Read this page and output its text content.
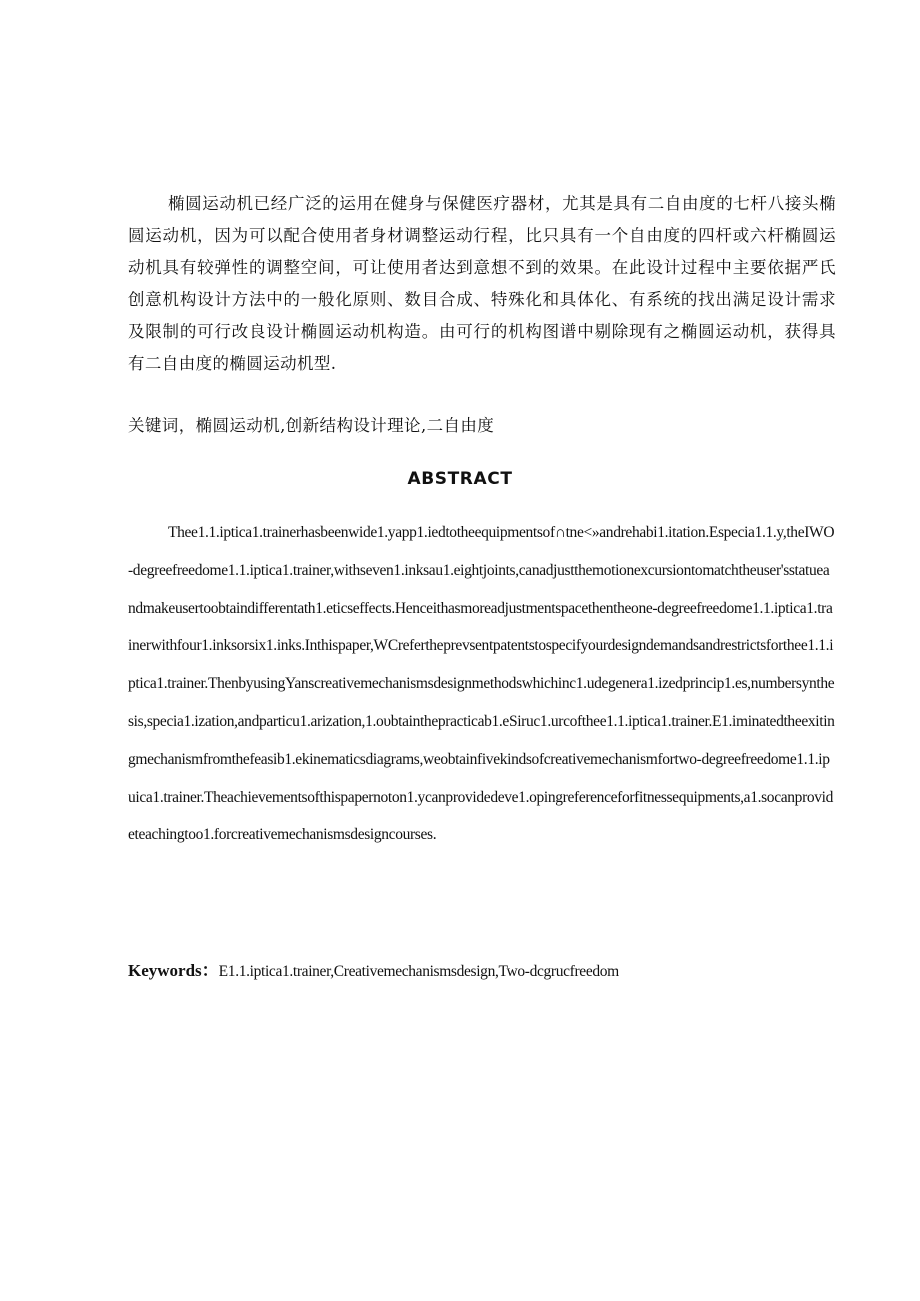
椭圆运动机已经广泛的运用在健身与保健医疗器材，尤其是具有二自由度的七杆八接头椭圆运动机，因为可以配合使用者身材调整运动行程，比只具有一个自由度的四杆或六杆椭圆运动机具有较弹性的调整空间，可让使用者达到意想不到的效果。在此设计过程中主要依据严氏创意机构设计方法中的一般化原则、数目合成、特殊化和具体化、有系统的找出满足设计需求及限制的可行改良设计椭圆运动机构造。由可行的机构图谱中剔除现有之椭圆运动机，获得具有二自由度的椭圆运动机型.

关键词，椭圆运动机,创新结构设计理论,二自由度

ABSTRACT

Thee1.1.iptica1.trainerhasbeenwide1.yapp1.iedtotheequipmentsof∩tne<»andrehabi1.itation.Especia1.1.y,theIWO-degreefreedome1.1.iptica1.trainer,withseven1.inksau1.eightjoints,canadjustthemotionexcursiontomatchtheuser'sstatueandmakeusertoobtaindifferentath1.eticseffects.Henceithasmoreadjustmentspacethentheone-degreefreedome1.1.iptica1.trainerwithfour1.inksorsix1.inks.Inthispaper,WCrefertheprevsentpatentstospecifyourdesigndemandsandrestrictsforthee1.1.iptica1.trainer.ThenbyusingYanscreativemechanismsdesignmethodswhichinc1.udegenera1.izedprincip1.es,numbersynthesis,specia1.ization,andparticu1.arization,1.oυbtainthepracticab1.eSiruc1.urcofthee1.1.iptica1.trainer.E1.iminatedtheexitingmechanismfromthefeasib1.ekinematicsdiagrams,weobtainfivekindsofcreativemechanismfortwo-degreefreedome1.1.ipuica1.trainer.Theachievementsofthispapernoton1.ycanprovidedeve1.opingreferenceforfitnessequipments,a1.socanprovideteachingtoo1.forcreativemechanismsdesigncourses.

Keywords：E1.1.iptica1.trainer,Creativemechanismsdesign,Two-dcgrucfreedom
